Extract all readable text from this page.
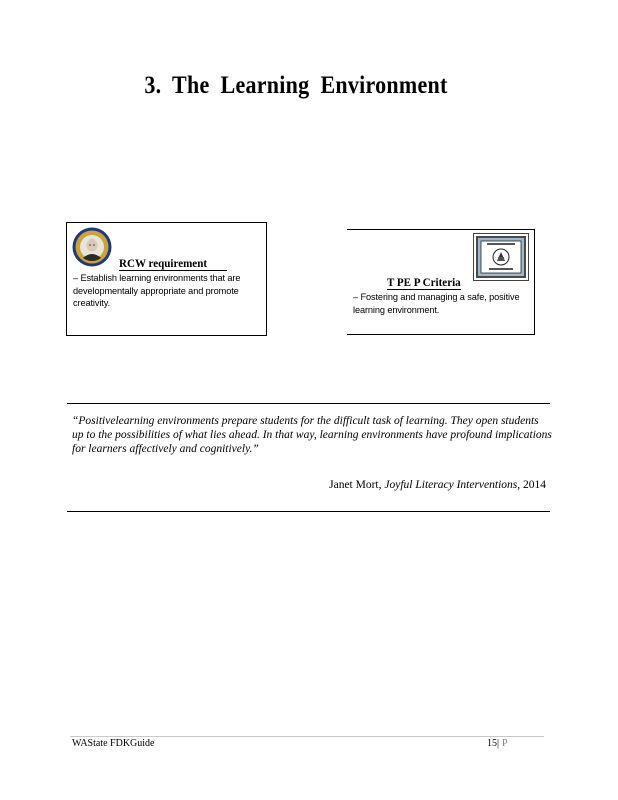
3. The Learning Environment
RCW requirement
– Establish learning environments that are developmentally appropriate and promote creativity.
T PE P Criteria
– Fostering and managing a safe, positive learning environment.
“Positivelearning environments prepare students for the difficult task of learning. They open students up to the possibilities of what lies ahead. In that way, learning environments have profound implications for learners affectively and cognitively.”
Janet Mort, Joyful Literacy Interventions, 2014
WAState FDKGuide	15| P
